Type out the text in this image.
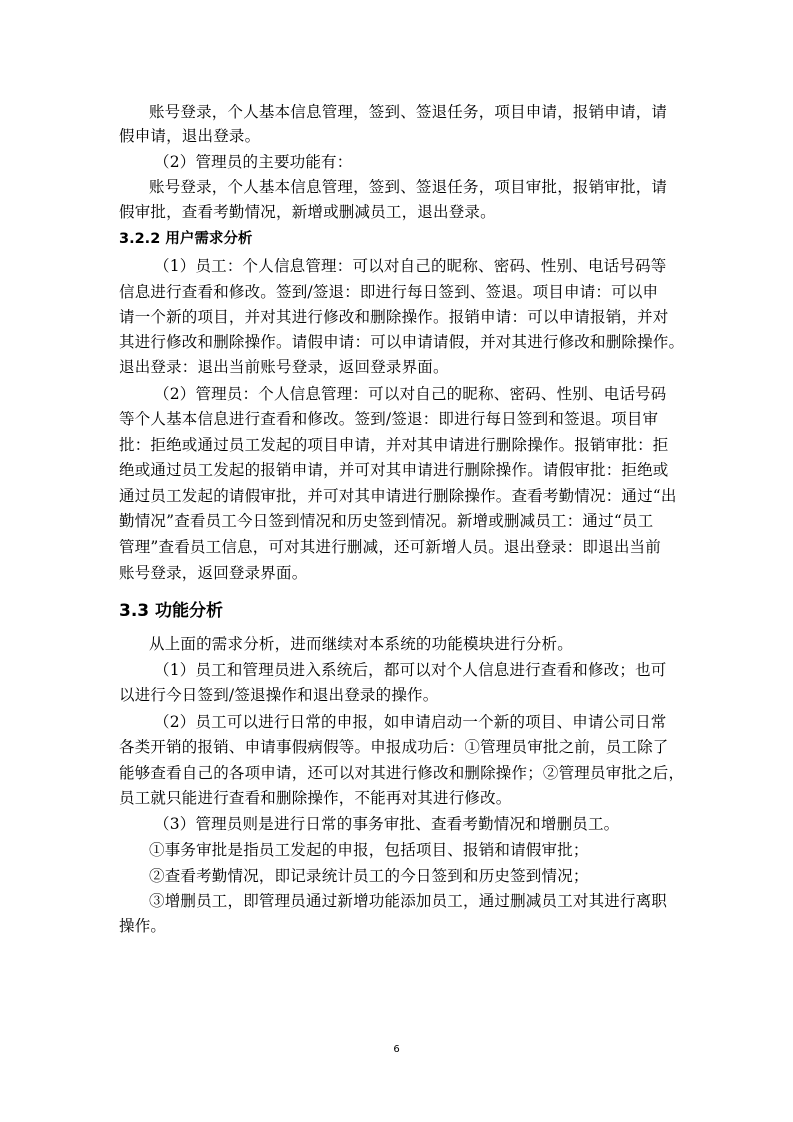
账号登录，个人基本信息管理，签到、签退任务，项目申请，报销申请，请
假申请，退出登录。
（2）管理员的主要功能有：
账号登录，个人基本信息管理，签到、签退任务，项目审批，报销审批，请
假审批，查看考勤情况，新增或删减员工，退出登录。
3.2.2 用户需求分析
（1）员工：个人信息管理：可以对自己的昵称、密码、性别、电话号码等
信息进行查看和修改。签到/签退：即进行每日签到、签退。项目申请：可以申
请一个新的项目，并对其进行修改和删除操作。报销申请：可以申请报销，并对
其进行修改和删除操作。请假申请：可以申请请假，并对其进行修改和删除操作。
退出登录：退出当前账号登录，返回登录界面。
（2）管理员：个人信息管理：可以对自己的昵称、密码、性别、电话号码
等个人基本信息进行查看和修改。签到/签退：即进行每日签到和签退。项目审
批：拒绝或通过员工发起的项目申请，并对其申请进行删除操作。报销审批：拒
绝或通过员工发起的报销申请，并可对其申请进行删除操作。请假审批：拒绝或
通过员工发起的请假审批，并可对其申请进行删除操作。查看考勤情况：通过“出
勤情况”查看员工今日签到情况和历史签到情况。新增或删减员工：通过“员工
管理”查看员工信息，可对其进行删减，还可新增人员。退出登录：即退出当前
账号登录，返回登录界面。
3.3 功能分析
从上面的需求分析，进而继续对本系统的功能模块进行分析。
（1）员工和管理员进入系统后，都可以对个人信息进行查看和修改；也可
以进行今日签到/签退操作和退出登录的操作。
（2）员工可以进行日常的申报，如申请启动一个新的项目、申请公司日常
各类开销的报销、申请事假病假等。申报成功后：①管理员审批之前，员工除了
能够查看自己的各项申请，还可以对其进行修改和删除操作；②管理员审批之后，
员工就只能进行查看和删除操作，不能再对其进行修改。
（3）管理员则是进行日常的事务审批、查看考勤情况和增删员工。
①事务审批是指员工发起的申报，包括项目、报销和请假审批；
②查看考勤情况，即记录统计员工的今日签到和历史签到情况；
③增删员工，即管理员通过新增功能添加员工，通过删减员工对其进行离职
操作。
6
